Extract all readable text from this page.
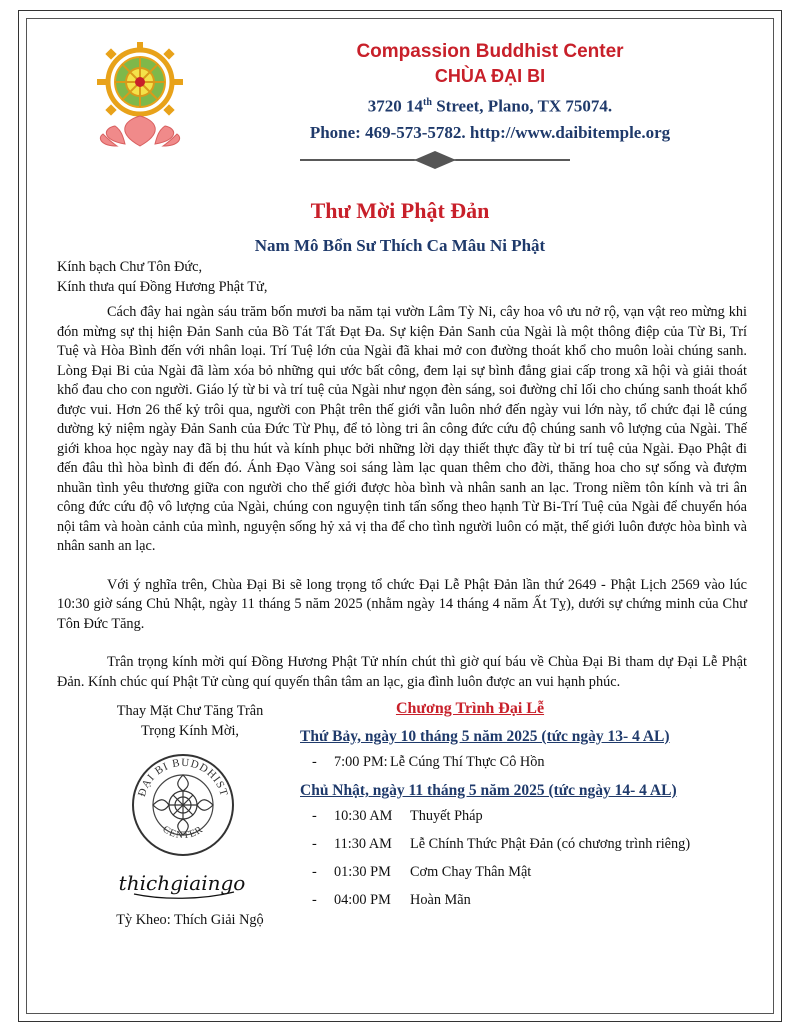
Compassion Buddhist Center
CHÙA ĐẠI BI
3720 14th Street, Plano, TX 75074.
Phone: 469-573-5782. http://www.daibitemple.org
Thư Mời Phật Đản
Nam Mô Bổn Sư Thích Ca Mâu Ni Phật

Kính bạch Chư Tôn Đức,

Kính thưa quí Đồng Hương Phật Tử,

Cách đây hai ngàn sáu trăm bốn mươi ba năm tại vườn Lâm Tỳ Ni, cây hoa vô ưu nở rộ, vạn vật reo mừng khi đón mừng sự thị hiện Đản Sanh của Bồ Tát Tất Đạt Đa. Sự kiện Đản Sanh của Ngài là một thông điệp của Từ Bi, Trí Tuệ và Hòa Bình đến với nhân loại. Trí Tuệ lớn của Ngài đã khai mở con đường thoát khổ cho muôn loài chúng sanh. Lòng Đại Bi của Ngài đã làm xóa bỏ những qui ước bất công, đem lại sự bình đẳng giai cấp trong xã hội và giải thoát khổ đau cho con người. Giáo lý từ bi và trí tuệ của Ngài như ngọn đèn sáng, soi đường chỉ lối cho chúng sanh thoát khổ được vui. Hơn 26 thế kỷ trôi qua, người con Phật trên thế giới vẫn luôn nhớ đến ngày vui lớn này, tổ chức đại lễ cúng dường kỷ niệm ngày Đản Sanh của Đức Từ Phụ, để tỏ lòng tri ân công đức cứu độ chúng sanh vô lượng của Ngài. Thế giới khoa học ngày nay đã bị thu hút và kính phục bởi những lời dạy thiết thực đầy từ bi trí tuệ của Ngài. Đạo Phật đi đến đâu thì hòa bình đi đến đó. Ánh Đạo Vàng soi sáng làm lạc quan thêm cho đời, thăng hoa cho sự sống và đượm nhuần tình yêu thương giữa con người cho thế giới được hòa bình và nhân sanh an lạc. Trong niềm tôn kính và tri ân công đức cứu độ vô lượng của Ngài, chúng con nguyện tinh tấn sống theo hạnh Từ Bi-Trí Tuệ của Ngài để chuyển hóa nội tâm và hoàn cảnh của mình, nguyện sống hỷ xả vị tha để cho tình người luôn có mặt, thế giới luôn được hòa bình và nhân sanh an lạc.

Với ý nghĩa trên, Chùa Đại Bi sẽ long trọng tổ chức Đại Lễ Phật Đản lần thứ 2649 - Phật Lịch 2569 vào lúc 10:30 giờ sáng Chủ Nhật, ngày 11 tháng 5 năm 2025 (nhằm ngày 14 tháng 4 năm Ất Tỵ), dưới sự chứng minh của Chư Tôn Đức Tăng.

Trân trọng kính mời quí Đồng Hương Phật Tử nhín chút thì giờ quí báu về Chùa Đại Bi tham dự Đại Lễ Phật Đản. Kính chúc quí Phật Tử cùng quí quyến thân tâm an lạc, gia đình luôn được an vui hạnh phúc.

Thay Mặt Chư Tăng Trân
Trọng Kính Mời,
ĐẠI BI BUDDHIST
CENTER
thichgiaingo
Tỳ Kheo: Thích Giải Ngộ
Chương Trình Đại Lễ
Thứ Bảy, ngày 10 tháng 5 năm 2025 (tức ngày 13- 4 AL)
-	7:00 PM: Lễ Cúng Thí Thực Cô Hồn
Chủ Nhật, ngày 11 tháng 5 năm 2025 (tức ngày 14- 4 AL)
-	10:30 AM	Thuyết Pháp
-	11:30 AM	Lễ Chính Thức Phật Đản (có chương trình riêng)
-	01:30 PM	Cơm Chay Thân Mật
-	04:00 PM	Hoàn Mãn
